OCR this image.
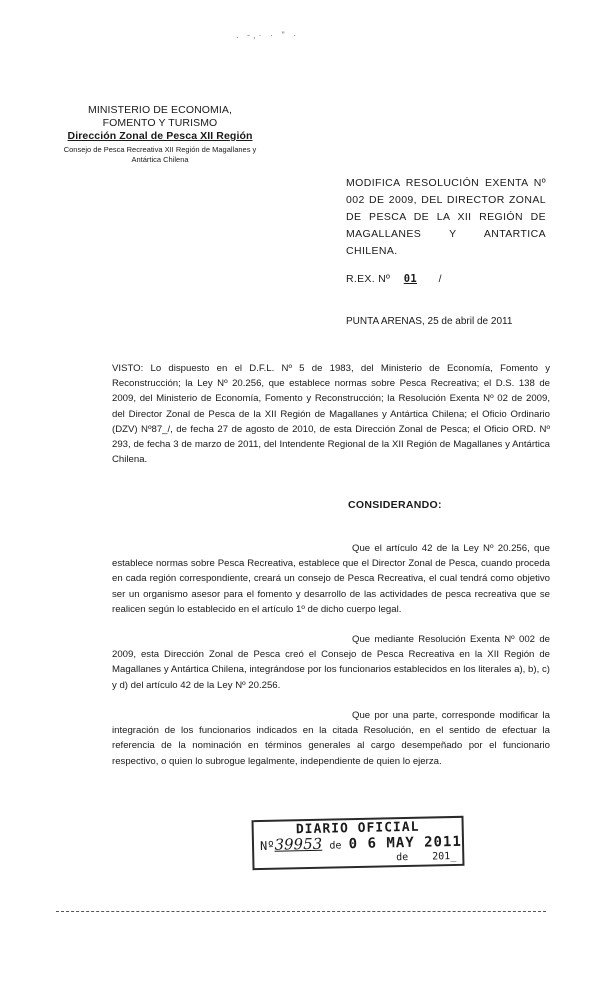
. -,· · " ·
MINISTERIO DE ECONOMIA,
FOMENTO Y TURISMO
Dirección Zonal de Pesca XII Región
Consejo de Pesca Recreativa XII Región de Magallanes y
Antártica Chilena
MODIFICA RESOLUCIÓN EXENTA Nº 002 DE 2009, DEL DIRECTOR ZONAL DE PESCA DE LA XII REGIÓN DE MAGALLANES Y ANTARTICA CHILENA.
R.EX. Nº 01 /
PUNTA ARENAS, 25 de abril de 2011
VISTO: Lo dispuesto en el D.F.L. Nº 5 de 1983, del Ministerio de Economía, Fomento y Reconstrucción; la Ley Nº 20.256, que establece normas sobre Pesca Recreativa; el D.S. 138 de 2009, del Ministerio de Economía, Fomento y Reconstrucción; la Resolución Exenta Nº 02 de 2009, del Director Zonal de Pesca de la XII Región de Magallanes y Antártica Chilena; el Oficio Ordinario (DZV) Nº87_/, de fecha 27 de agosto de 2010, de esta Dirección Zonal de Pesca; el Oficio ORD. Nº 293, de fecha 3 de marzo de 2011, del Intendente Regional de la XII Región de Magallanes y Antártica Chilena.
CONSIDERANDO:
Que el artículo 42 de la Ley Nº 20.256, que establece normas sobre Pesca Recreativa, establece que el Director Zonal de Pesca, cuando proceda en cada región correspondiente, creará un consejo de Pesca Recreativa, el cual tendrá como objetivo ser un organismo asesor para el fomento y desarrollo de las actividades de pesca recreativa que se realicen según lo establecido en el artículo 1º de dicho cuerpo legal.
Que mediante Resolución Exenta Nº 002 de 2009, esta Dirección Zonal de Pesca creó el Consejo de Pesca Recreativa en la XII Región de Magallanes y Antártica Chilena, integrándose por los funcionarios establecidos en los literales a), b), c) y d) del artículo 42 de la Ley Nº 20.256.
Que por una parte, corresponde modificar la integración de los funcionarios indicados en la citada Resolución, en el sentido de efectuar la referencia de la nominación en términos generales al cargo desempeñado por el funcionario respectivo, o quien lo subrogue legalmente, independiente de quien lo ejerza.
DIARIO OFICIAL
Nº39953 de 0 6 MAY 2011
de 201_
